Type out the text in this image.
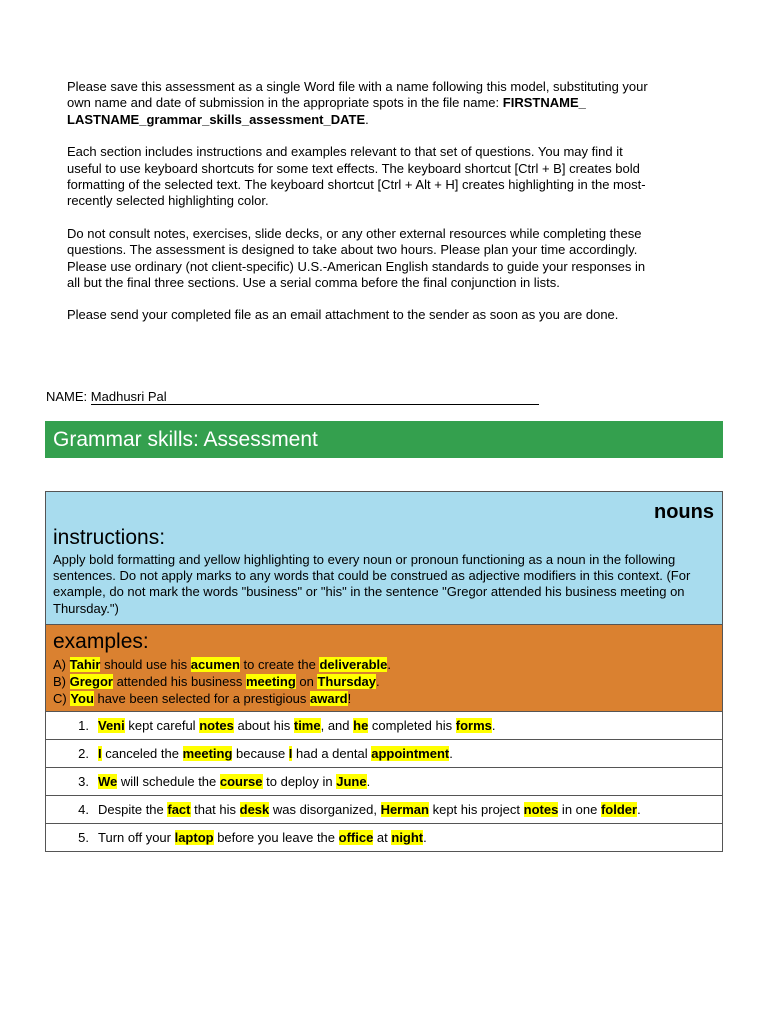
Please save this assessment as a single Word file with a name following this model, substituting your own name and date of submission in the appropriate spots in the file name: FIRSTNAME_ LASTNAME_grammar_skills_assessment_DATE.

Each section includes instructions and examples relevant to that set of questions. You may find it useful to use keyboard shortcuts for some text effects. The keyboard shortcut [Ctrl + B] creates bold formatting of the selected text. The keyboard shortcut [Ctrl + Alt + H] creates highlighting in the most-recently selected highlighting color.

Do not consult notes, exercises, slide decks, or any other external resources while completing these questions. The assessment is designed to take about two hours. Please plan your time accordingly. Please use ordinary (not client-specific) U.S.-American English standards to guide your responses in all but the final three sections. Use a serial comma before the final conjunction in lists.

Please send your completed file as an email attachment to the sender as soon as you are done.

NAME: Madhusri Pal
Grammar skills: Assessment
nouns
instructions:
Apply bold formatting and yellow highlighting to every noun or pronoun functioning as a noun in the following sentences. Do not apply marks to any words that could be construed as adjective modifiers in this context. (For example, do not mark the words "business" or "his" in the sentence "Gregor attended his business meeting on Thursday.")
examples:
A) Tahir should use his acumen to create the deliverable.
B) Gregor attended his business meeting on Thursday.
C) You have been selected for a prestigious award!
1. Veni kept careful notes about his time, and he completed his forms.
2. I canceled the meeting because I had a dental appointment.
3. We will schedule the course to deploy in June.
4. Despite the fact that his desk was disorganized, Herman kept his project notes in one folder.
5. Turn off your laptop before you leave the office at night.
